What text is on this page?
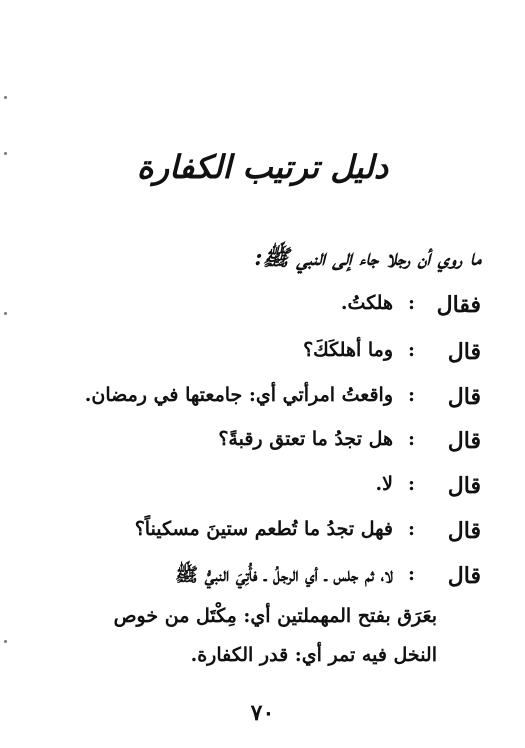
دليل ترتيب الكفارة
ما روي أن رجلا جاء إلى النبي ﷺ:
فقال
:
هلكتُ.
قال
:
وما أهلكَكَ؟
قال
:
واقعتُ امرأتي أي: جامعتها في رمضان.
قال
:
هل تجدُ ما تعتق رقبةً؟
قال
:
لا.
قال
:
فهل تجدُ ما تُطعم ستينَ مسكيناً؟
قال
:
لا، ثم جلس ـ أي الرجلُ ـ فأُتِيَ النبيُّ ﷺ
بعَرَق بفتح المهملتين أي: مِكْتَل من خوص
النخل فيه تمر أي: قدر الكفارة.
٧٠
